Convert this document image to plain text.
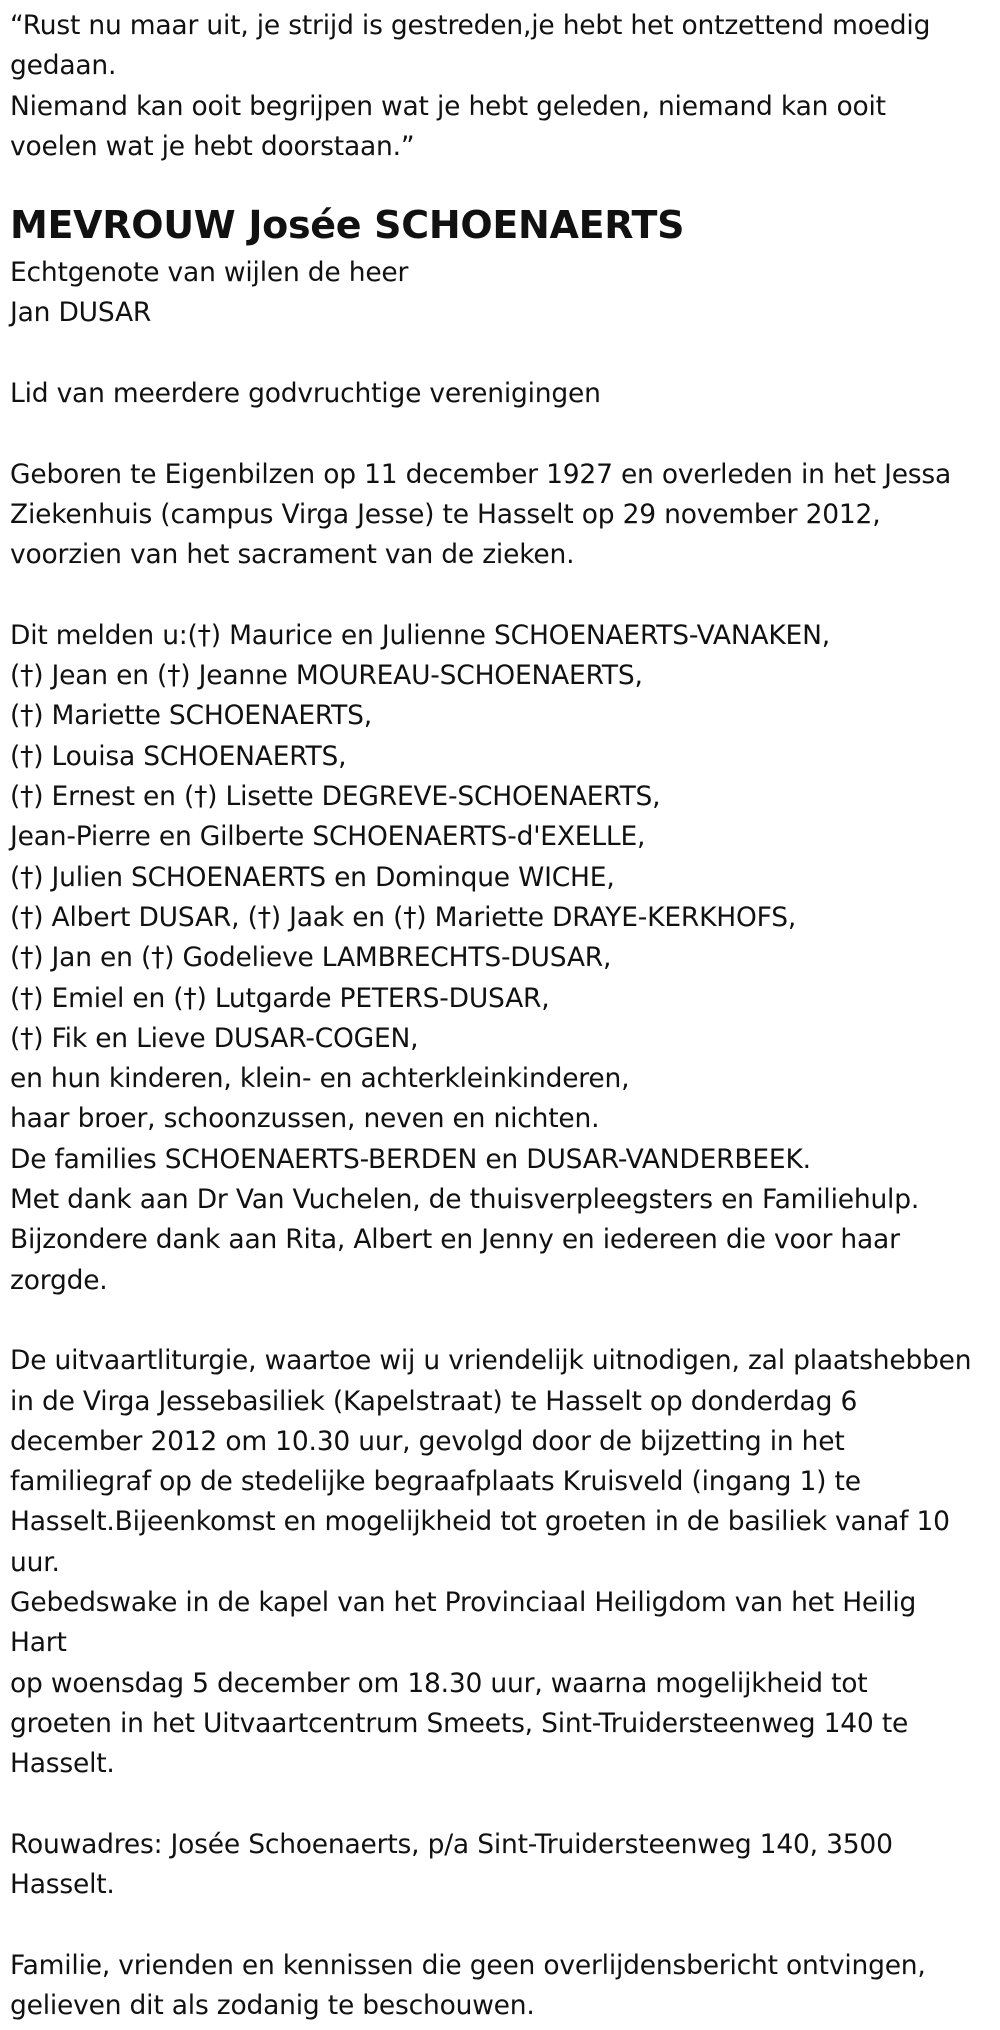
“Rust nu maar uit, je strijd is gestreden,je hebt het ontzettend moedig
gedaan.
Niemand kan ooit begrijpen wat je hebt geleden, niemand kan ooit
voelen wat je hebt doorstaan.”
MEVROUW Josée SCHOENAERTS
Echtgenote van wijlen de heer
Jan DUSAR
Lid van meerdere godvruchtige verenigingen
Geboren te Eigenbilzen op 11 december 1927 en overleden in het Jessa
Ziekenhuis (campus Virga Jesse) te Hasselt op 29 november 2012,
voorzien van het sacrament van de zieken.
Dit melden u:(†) Maurice en Julienne SCHOENAERTS-VANAKEN,
(†) Jean en (†) Jeanne MOUREAU-SCHOENAERTS,
(†) Mariette SCHOENAERTS,
(†) Louisa SCHOENAERTS,
(†) Ernest en (†) Lisette DEGREVE-SCHOENAERTS,
Jean-Pierre en Gilberte SCHOENAERTS-d'EXELLE,
(†) Julien SCHOENAERTS en Dominque WICHE,
(†) Albert DUSAR, (†) Jaak en (†) Mariette DRAYE-KERKHOFS,
(†) Jan en (†) Godelieve LAMBRECHTS-DUSAR,
(†) Emiel en (†) Lutgarde PETERS-DUSAR,
(†) Fik en Lieve DUSAR-COGEN,
en hun kinderen, klein- en achterkleinkinderen,
haar broer, schoonzussen, neven en nichten.
De families SCHOENAERTS-BERDEN en DUSAR-VANDERBEEK.
Met dank aan Dr Van Vuchelen, de thuisverpleegsters en Familiehulp.
Bijzondere dank aan Rita, Albert en Jenny en iedereen die voor haar
zorgde.
De uitvaartliturgie, waartoe wij u vriendelijk uitnodigen, zal plaatshebben
in de Virga Jessebasiliek (Kapelstraat) te Hasselt op donderdag 6
december 2012 om 10.30 uur, gevolgd door de bijzetting in het
familiegraf op de stedelijke begraafplaats Kruisveld (ingang 1) te
Hasselt.Bijeenkomst en mogelijkheid tot groeten in de basiliek vanaf 10
uur.
Gebedswake in de kapel van het Provinciaal Heiligdom van het Heilig
Hart
op woensdag 5 december om 18.30 uur, waarna mogelijkheid tot
groeten in het Uitvaartcentrum Smeets, Sint-Truidersteenweg 140 te
Hasselt.
Rouwadres: Josée Schoenaerts, p/a Sint-Truidersteenweg 140, 3500
Hasselt.
Familie, vrienden en kennissen die geen overlijdensbericht ontvingen,
gelieven dit als zodanig te beschouwen.
